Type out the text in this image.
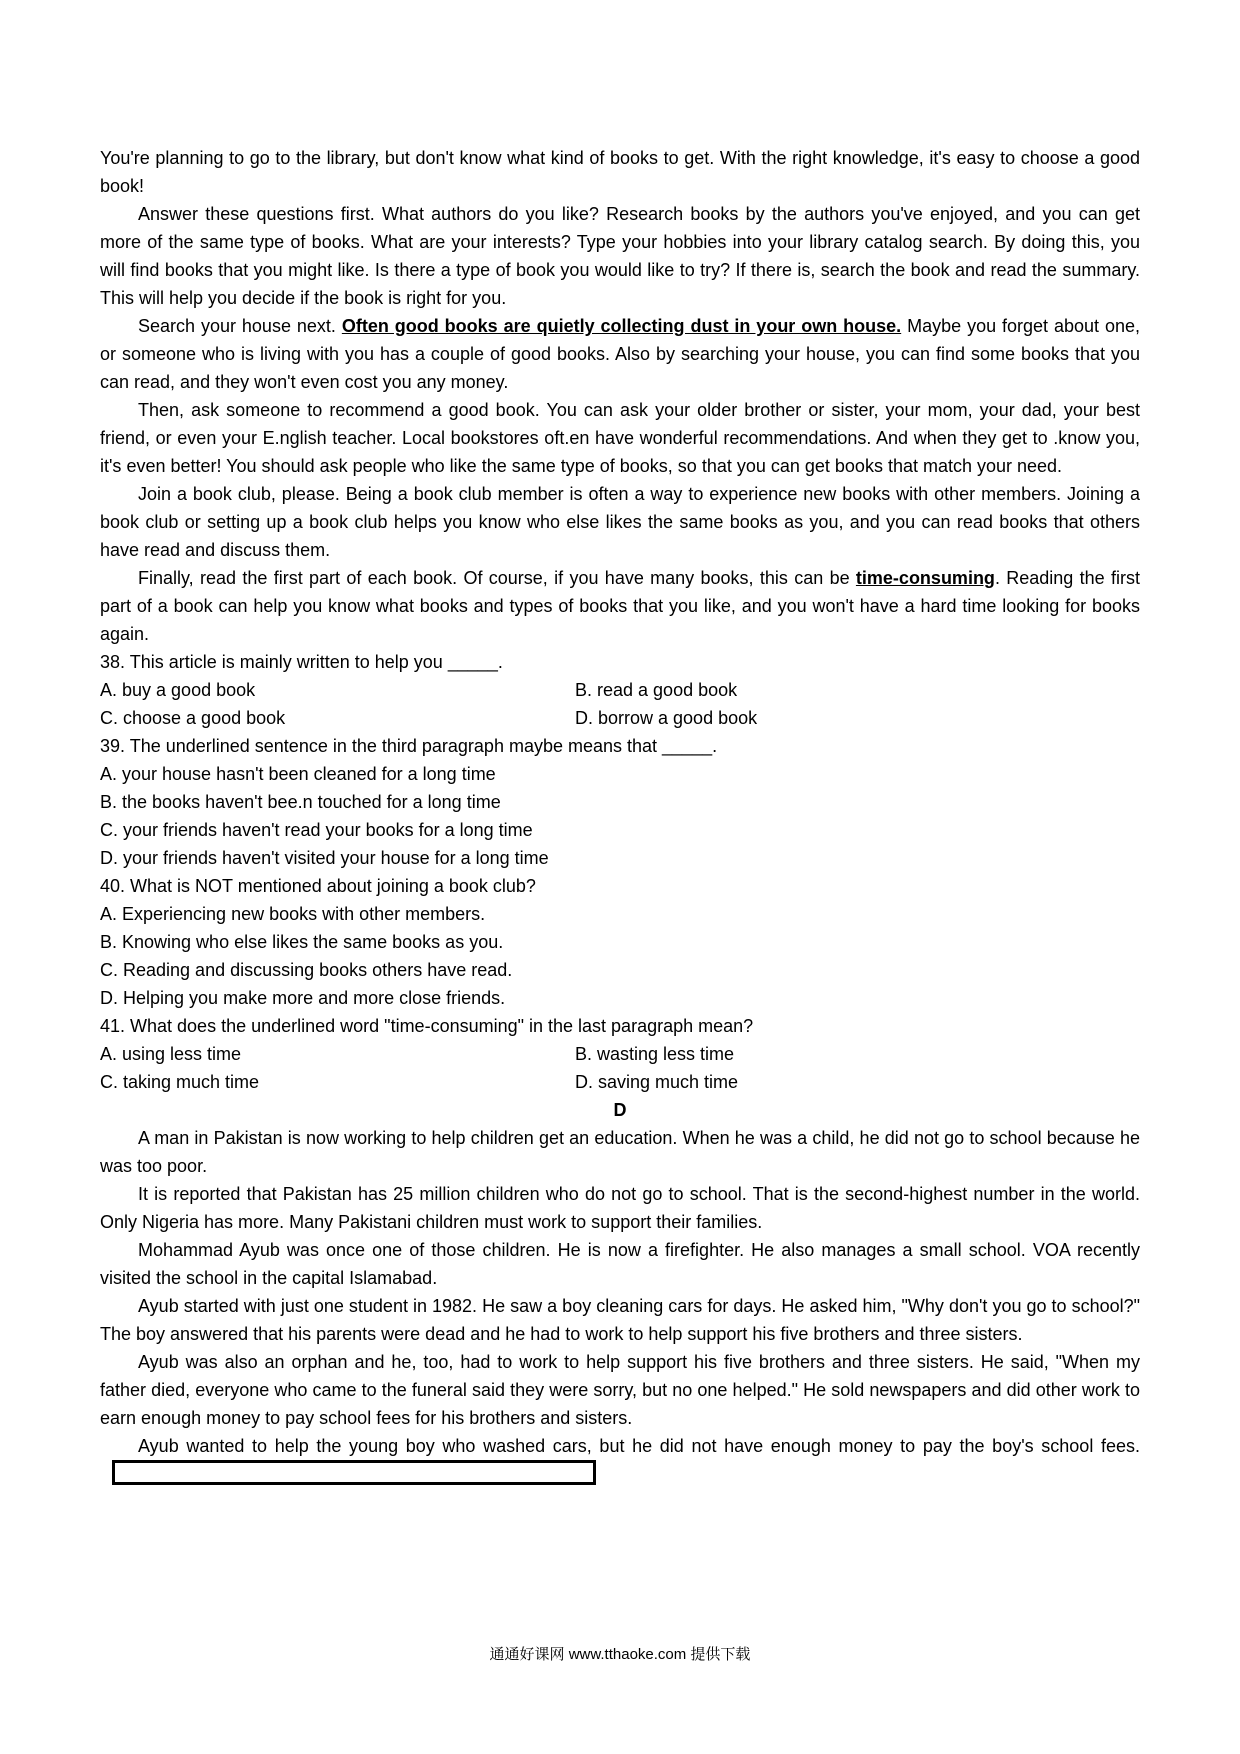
You're planning to go to the library, but don't know what kind of books to get. With the right knowledge, it's easy to choose a good book!

Answer these questions first. What authors do you like? Research books by the authors you've enjoyed, and you can get more of the same type of books. What are your interests? Type your hobbies into your library catalog search. By doing this, you will find books that you might like. Is there a type of book you would like to try? If there is, search the book and read the summary. This will help you decide if the book is right for you.

Search your house next. Often good books are quietly collecting dust in your own house. Maybe you forget about one, or someone who is living with you has a couple of good books. Also by searching your house, you can find some books that you can read, and they won't even cost you any money.

Then, ask someone to recommend a good book. You can ask your older brother or sister, your mom, your dad, your best friend, or even your E.nglish teacher. Local bookstores oft.en have wonderful recommendations. And when they get to .know you, it's even better! You should ask people who like the same type of books, so that you can get books that match your need.

Join a book club, please. Being a book club member is often a way to experience new books with other members. Joining a book club or setting up a book club helps you know who else likes the same books as you, and you can read books that others have read and discuss them.

Finally, read the first part of each book. Of course, if you have many books, this can be time-consuming. Reading the first part of a book can help you know what books and types of books that you like, and you won't have a hard time looking for books again.

38. This article is mainly written to help you _____.

A. buy a good book	B. read a good book
C. choose a good book	D. borrow a good book

39. The underlined sentence in the third paragraph maybe means that _____.

A. your house hasn't been cleaned for a long time

B. the books haven't bee.n touched for a long time

C. your friends haven't read your books for a long time

D. your friends haven't visited your house for a long time

40. What is NOT mentioned about joining a book club?

A. Experiencing new books with other members.

B. Knowing who else likes the same books as you.

C. Reading and discussing books others have read.

D. Helping you make more and more close friends.

41. What does the underlined word "time-consuming" in the last paragraph mean?

A. using less time	B. wasting less time
C. taking much time	D. saving much time

D

A man in Pakistan is now working to help children get an education. When he was a child, he did not go to school because he was too poor.

It is reported that Pakistan has 25 million children who do not go to school. That is the second-highest number in the world. Only Nigeria has more. Many Pakistani children must work to support their families.

Mohammad Ayub was once one of those children. He is now a firefighter. He also manages a small school. VOA recently visited the school in the capital Islamabad.

Ayub started with just one student in 1982. He saw a boy cleaning cars for days. He asked him, "Why don't you go to school?" The boy answered that his parents were dead and he had to work to help support his five brothers and three sisters.

Ayub was also an orphan and he, too, had to work to help support his five brothers and three sisters. He said, "When my father died, everyone who came to the funeral said they were sorry, but no one helped." He sold newspapers and did other work to earn enough money to pay school fees for his brothers and sisters.

Ayub wanted to help the young boy who washed cars, but he did not have enough money to pay the boy's school fees.

通通好课网 www.tthaoke.com 提供下载
